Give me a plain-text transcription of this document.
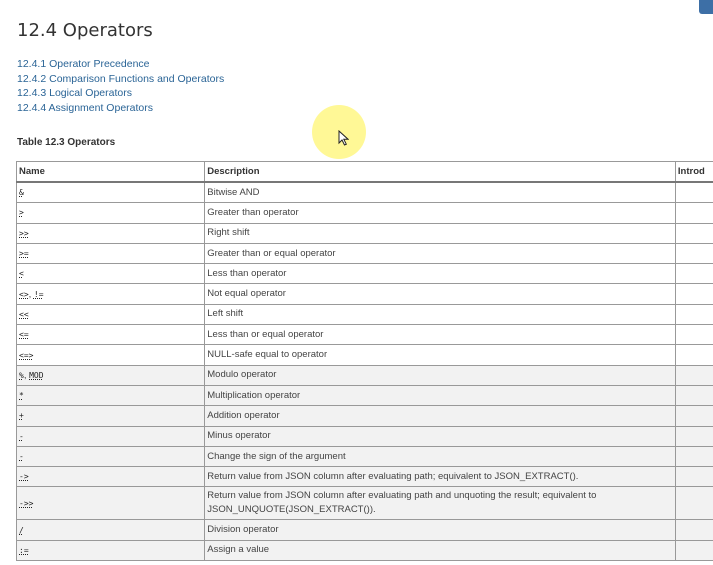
12.4 Operators
12.4.1 Operator Precedence
12.4.2 Comparison Functions and Operators
12.4.3 Logical Operators
12.4.4 Assignment Operators
Table 12.3 Operators
Name	Description	Introd
&	Bitwise AND	
>	Greater than operator	
>>	Right shift	
>=	Greater than or equal operator	
<	Less than operator	
<>, !=	Not equal operator	
<<	Left shift	
<=	Less than or equal operator	
<=>	NULL-safe equal to operator	
%, MOD	Modulo operator	
*	Multiplication operator	
+	Addition operator	
-	Minus operator	
-	Change the sign of the argument	
->	Return value from JSON column after evaluating path; equivalent to JSON_EXTRACT().	
->>	Return value from JSON column after evaluating path and unquoting the result; equivalent to JSON_UNQUOTE(JSON_EXTRACT()).	
/	Division operator	
:=	Assign a value	
